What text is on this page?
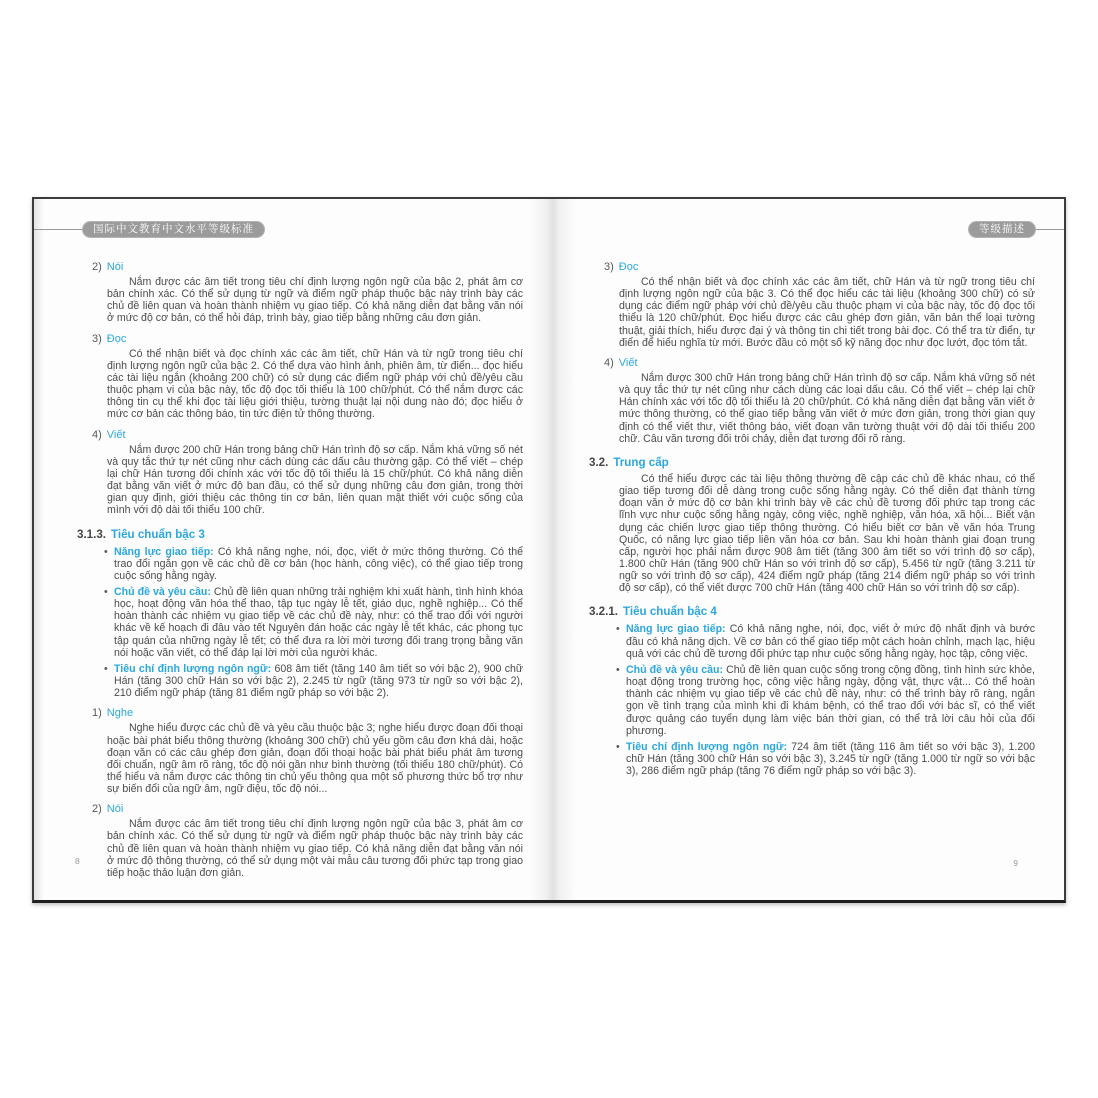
国际中文教育中文水平等级标准
2) Nói

Nắm được các âm tiết trong tiêu chí định lượng ngôn ngữ của bậc 2, phát âm cơ bản chính xác. Có thể sử dụng từ ngữ và điểm ngữ pháp thuộc bậc này trình bày các chủ đề liên quan và hoàn thành nhiệm vụ giao tiếp. Có khả năng diễn đạt bằng văn nói ở mức độ cơ bản, có thể hỏi đáp, trình bày, giao tiếp bằng những câu đơn giản.

3) Đọc

Có thể nhận biết và đọc chính xác các âm tiết, chữ Hán và từ ngữ trong tiêu chí định lượng ngôn ngữ của bậc 2. Có thể dựa vào hình ảnh, phiên âm, từ điển... đọc hiểu các tài liệu ngắn (khoảng 200 chữ) có sử dụng các điểm ngữ pháp với chủ đề/yêu cầu thuộc phạm vi của bậc này, tốc độ đọc tối thiểu là 100 chữ/phút. Có thể nắm được các thông tin cụ thể khi đọc tài liệu giới thiệu, tường thuật lại nội dung nào đó; đọc hiểu ở mức cơ bản các thông báo, tin tức điện tử thông thường.

4) Viết

Nắm được 200 chữ Hán trong bảng chữ Hán trình độ sơ cấp. Nắm khá vững số nét và quy tắc thứ tự nét cũng như cách dùng các dấu câu thường gặp. Có thể viết – chép lại chữ Hán tương đối chính xác với tốc độ tối thiểu là 15 chữ/phút. Có khả năng diễn đạt bằng văn viết ở mức độ ban đầu, có thể sử dụng những câu đơn giản, trong thời gian quy định, giới thiệu các thông tin cơ bản, liên quan mật thiết với cuộc sống của mình với độ dài tối thiểu 100 chữ.

3.1.3. Tiêu chuẩn bậc 3
• Năng lực giao tiếp: Có khả năng nghe, nói, đọc, viết ở mức thông thường. Có thể trao đổi ngắn gọn về các chủ đề cơ bản (học hành, công việc), có thể giao tiếp trong cuộc sống hằng ngày.
• Chủ đề và yêu cầu: Chủ đề liên quan những trải nghiệm khi xuất hành, tình hình khóa học, hoạt động văn hóa thể thao, tập tục ngày lễ tết, giáo dục, nghề nghiệp... Có thể hoàn thành các nhiệm vụ giao tiếp về các chủ đề này, như: có thể trao đổi với người khác về kế hoạch đi đâu vào tết Nguyên đán hoặc các ngày lễ tết khác, các phong tục tập quán của những ngày lễ tết; có thể đưa ra lời mời tương đối trang trọng bằng văn nói hoặc văn viết, có thể đáp lại lời mời của người khác.
• Tiêu chí định lượng ngôn ngữ: 608 âm tiết (tăng 140 âm tiết so với bậc 2), 900 chữ Hán (tăng 300 chữ Hán so với bậc 2), 2.245 từ ngữ (tăng 973 từ ngữ so với bậc 2), 210 điểm ngữ pháp (tăng 81 điểm ngữ pháp so với bậc 2).
1) Nghe

Nghe hiểu được các chủ đề và yêu cầu thuộc bậc 3; nghe hiểu được đoạn đối thoại hoặc bài phát biểu thông thường (khoảng 300 chữ) chủ yếu gồm câu đơn khá dài, hoặc đoạn văn có các câu ghép đơn giản, đoạn đối thoại hoặc bài phát biểu phát âm tương đối chuẩn, ngữ âm rõ ràng, tốc độ nói gần như bình thường (tối thiểu 180 chữ/phút). Có thể hiểu và nắm được các thông tin chủ yếu thông qua một số phương thức bổ trợ như sự biến đổi của ngữ âm, ngữ điệu, tốc độ nói...

2) Nói

Nắm được các âm tiết trong tiêu chí định lượng ngôn ngữ của bậc 3, phát âm cơ bản chính xác. Có thể sử dụng từ ngữ và điểm ngữ pháp thuộc bậc này trình bày các chủ đề liên quan và hoàn thành nhiệm vụ giao tiếp. Có khả năng diễn đạt bằng văn nói ở mức độ thông thường, có thể sử dụng một vài mẫu câu tương đối phức tạp trong giao tiếp hoặc thảo luận đơn giản.

8
等级描述
3) Đọc

Có thể nhận biết và đọc chính xác các âm tiết, chữ Hán và từ ngữ trong tiêu chí định lượng ngôn ngữ của bậc 3. Có thể đọc hiểu các tài liệu (khoảng 300 chữ) có sử dụng các điểm ngữ pháp với chủ đề/yêu cầu thuộc phạm vi của bậc này, tốc độ đọc tối thiểu là 120 chữ/phút. Đọc hiểu được các câu ghép đơn giản, văn bản thể loại tường thuật, giải thích, hiểu được đại ý và thông tin chi tiết trong bài đọc. Có thể tra từ điển, tự điển để hiểu nghĩa từ mới. Bước đầu có một số kỹ năng đọc như đọc lướt, đọc tóm tắt.

4) Viết

Nắm được 300 chữ Hán trong bảng chữ Hán trình độ sơ cấp. Nắm khá vững số nét và quy tắc thứ tự nét cũng như cách dùng các loại dấu câu. Có thể viết – chép lại chữ Hán chính xác với tốc độ tối thiểu là 20 chữ/phút. Có khả năng diễn đạt bằng văn viết ở mức thông thường, có thể giao tiếp bằng văn viết ở mức đơn giản, trong thời gian quy định có thể viết thư, viết thông báo, viết đoạn văn tường thuật với độ dài tối thiểu 200 chữ. Câu văn tương đối trôi chảy, diễn đạt tương đối rõ ràng.

3.2. Trung cấp

Có thể hiểu được các tài liệu thông thường đề cập các chủ đề khác nhau, có thể giao tiếp tương đối dễ dàng trong cuộc sống hằng ngày. Có thể diễn đạt thành từng đoạn văn ở mức độ cơ bản khi trình bày về các chủ đề tương đối phức tạp trong các lĩnh vực như cuộc sống hằng ngày, công việc, nghề nghiệp, văn hóa, xã hội... Biết vận dụng các chiến lược giao tiếp thông thường. Có hiểu biết cơ bản về văn hóa Trung Quốc, có năng lực giao tiếp liên văn hóa cơ bản. Sau khi hoàn thành giai đoạn trung cấp, người học phải nắm được 908 âm tiết (tăng 300 âm tiết so với trình độ sơ cấp), 1.800 chữ Hán (tăng 900 chữ Hán so với trình độ sơ cấp), 5.456 từ ngữ (tăng 3.211 từ ngữ so với trình độ sơ cấp), 424 điểm ngữ pháp (tăng 214 điểm ngữ pháp so với trình độ sơ cấp), có thể viết được 700 chữ Hán (tăng 400 chữ Hán so với trình độ sơ cấp).

3.2.1. Tiêu chuẩn bậc 4
• Năng lực giao tiếp: Có khả năng nghe, nói, đọc, viết ở mức độ nhất định và bước đầu có khả năng dịch. Về cơ bản có thể giao tiếp một cách hoàn chỉnh, mạch lạc, hiệu quả với các chủ đề tương đối phức tạp như cuộc sống hằng ngày, học tập, công việc.
• Chủ đề và yêu cầu: Chủ đề liên quan cuộc sống trong cộng đồng, tình hình sức khỏe, hoạt động trong trường học, công việc hằng ngày, động vật, thực vật... Có thể hoàn thành các nhiệm vụ giao tiếp về các chủ đề này, như: có thể trình bày rõ ràng, ngắn gọn về tình trạng của mình khi đi khám bệnh, có thể trao đổi với bác sĩ, có thể viết được quảng cáo tuyển dụng làm việc bán thời gian, có thể trả lời câu hỏi của đối phương.
• Tiêu chí định lượng ngôn ngữ: 724 âm tiết (tăng 116 âm tiết so với bậc 3), 1.200 chữ Hán (tăng 300 chữ Hán so với bậc 3), 3.245 từ ngữ (tăng 1.000 từ ngữ so với bậc 3), 286 điểm ngữ pháp (tăng 76 điểm ngữ pháp so với bậc 3).
9
